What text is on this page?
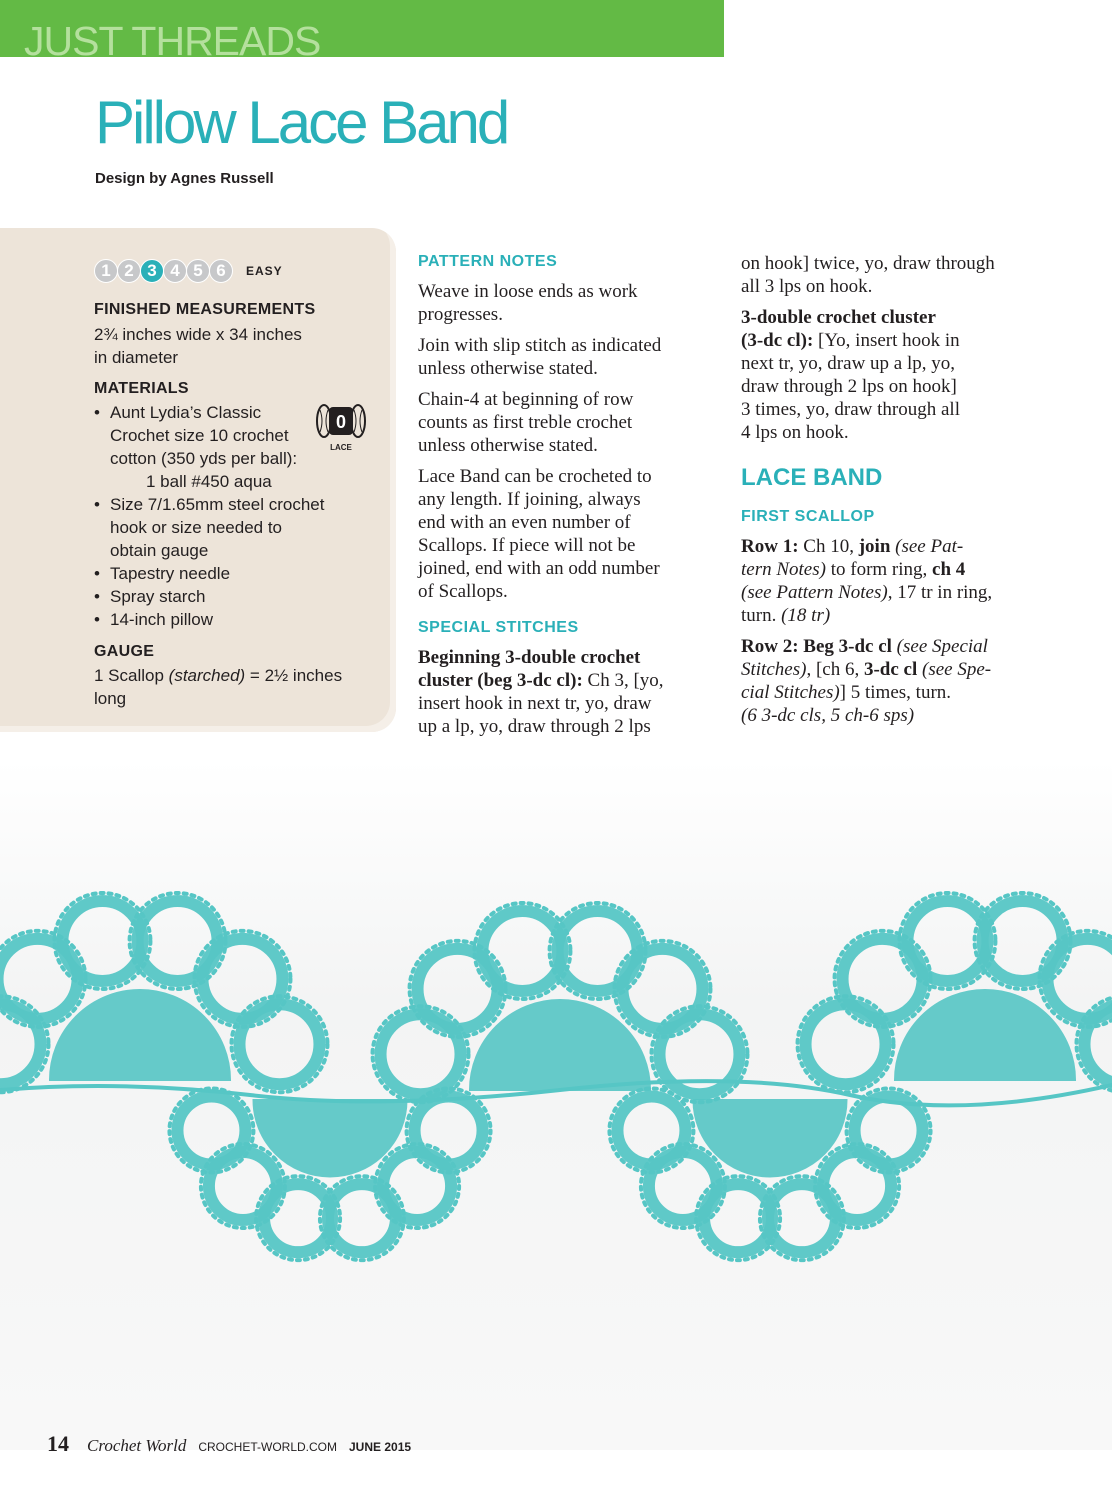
JUST THREADS
Pillow Lace Band
Design by Agnes Russell
1 2 3 4 5 6	EASY
FINISHED MEASUREMENTS
2¾ inches wide x 34 inches
in diameter
MATERIALS
• Aunt Lydia’s Classic
Crochet size 10 crochet
cotton (350 yds per ball):
1 ball #450 aqua
• Size 7/1.65mm steel crochet
hook or size needed to
obtain gauge
• Tapestry needle
• Spray starch
• 14-inch pillow
0
LACE
GAUGE
1 Scallop (starched) = 2½ inches
long
PATTERN NOTES
Weave in loose ends as work
progresses.
Join with slip stitch as indicated
unless otherwise stated.
Chain-4 at beginning of row
counts as first treble crochet
unless otherwise stated.
Lace Band can be crocheted to
any length. If joining, always
end with an even number of
Scallops. If piece will not be
joined, end with an odd number
of Scallops.
SPECIAL STITCHES
Beginning 3-double crochet
cluster (beg 3-dc cl): Ch 3, [yo,
insert hook in next tr, yo, draw
up a lp, yo, draw through 2 lps
on hook] twice, yo, draw through
all 3 lps on hook.
3-double crochet cluster
(3-dc cl): [Yo, insert hook in
next tr, yo, draw up a lp, yo,
draw through 2 lps on hook]
3 times, yo, draw through all
4 lps on hook.
LACE BAND
FIRST SCALLOP
Row 1: Ch 10, join (see Pat-
tern Notes) to form ring, ch 4
(see Pattern Notes), 17 tr in ring,
turn. (18 tr)
Row 2: Beg 3-dc cl (see Special
Stitches), [ch 6, 3-dc cl (see Spe-
cial Stitches)] 5 times, turn.
(6 3-dc cls, 5 ch-6 sps)
14 Crochet World CROCHET-WORLD.COM JUNE 2015
